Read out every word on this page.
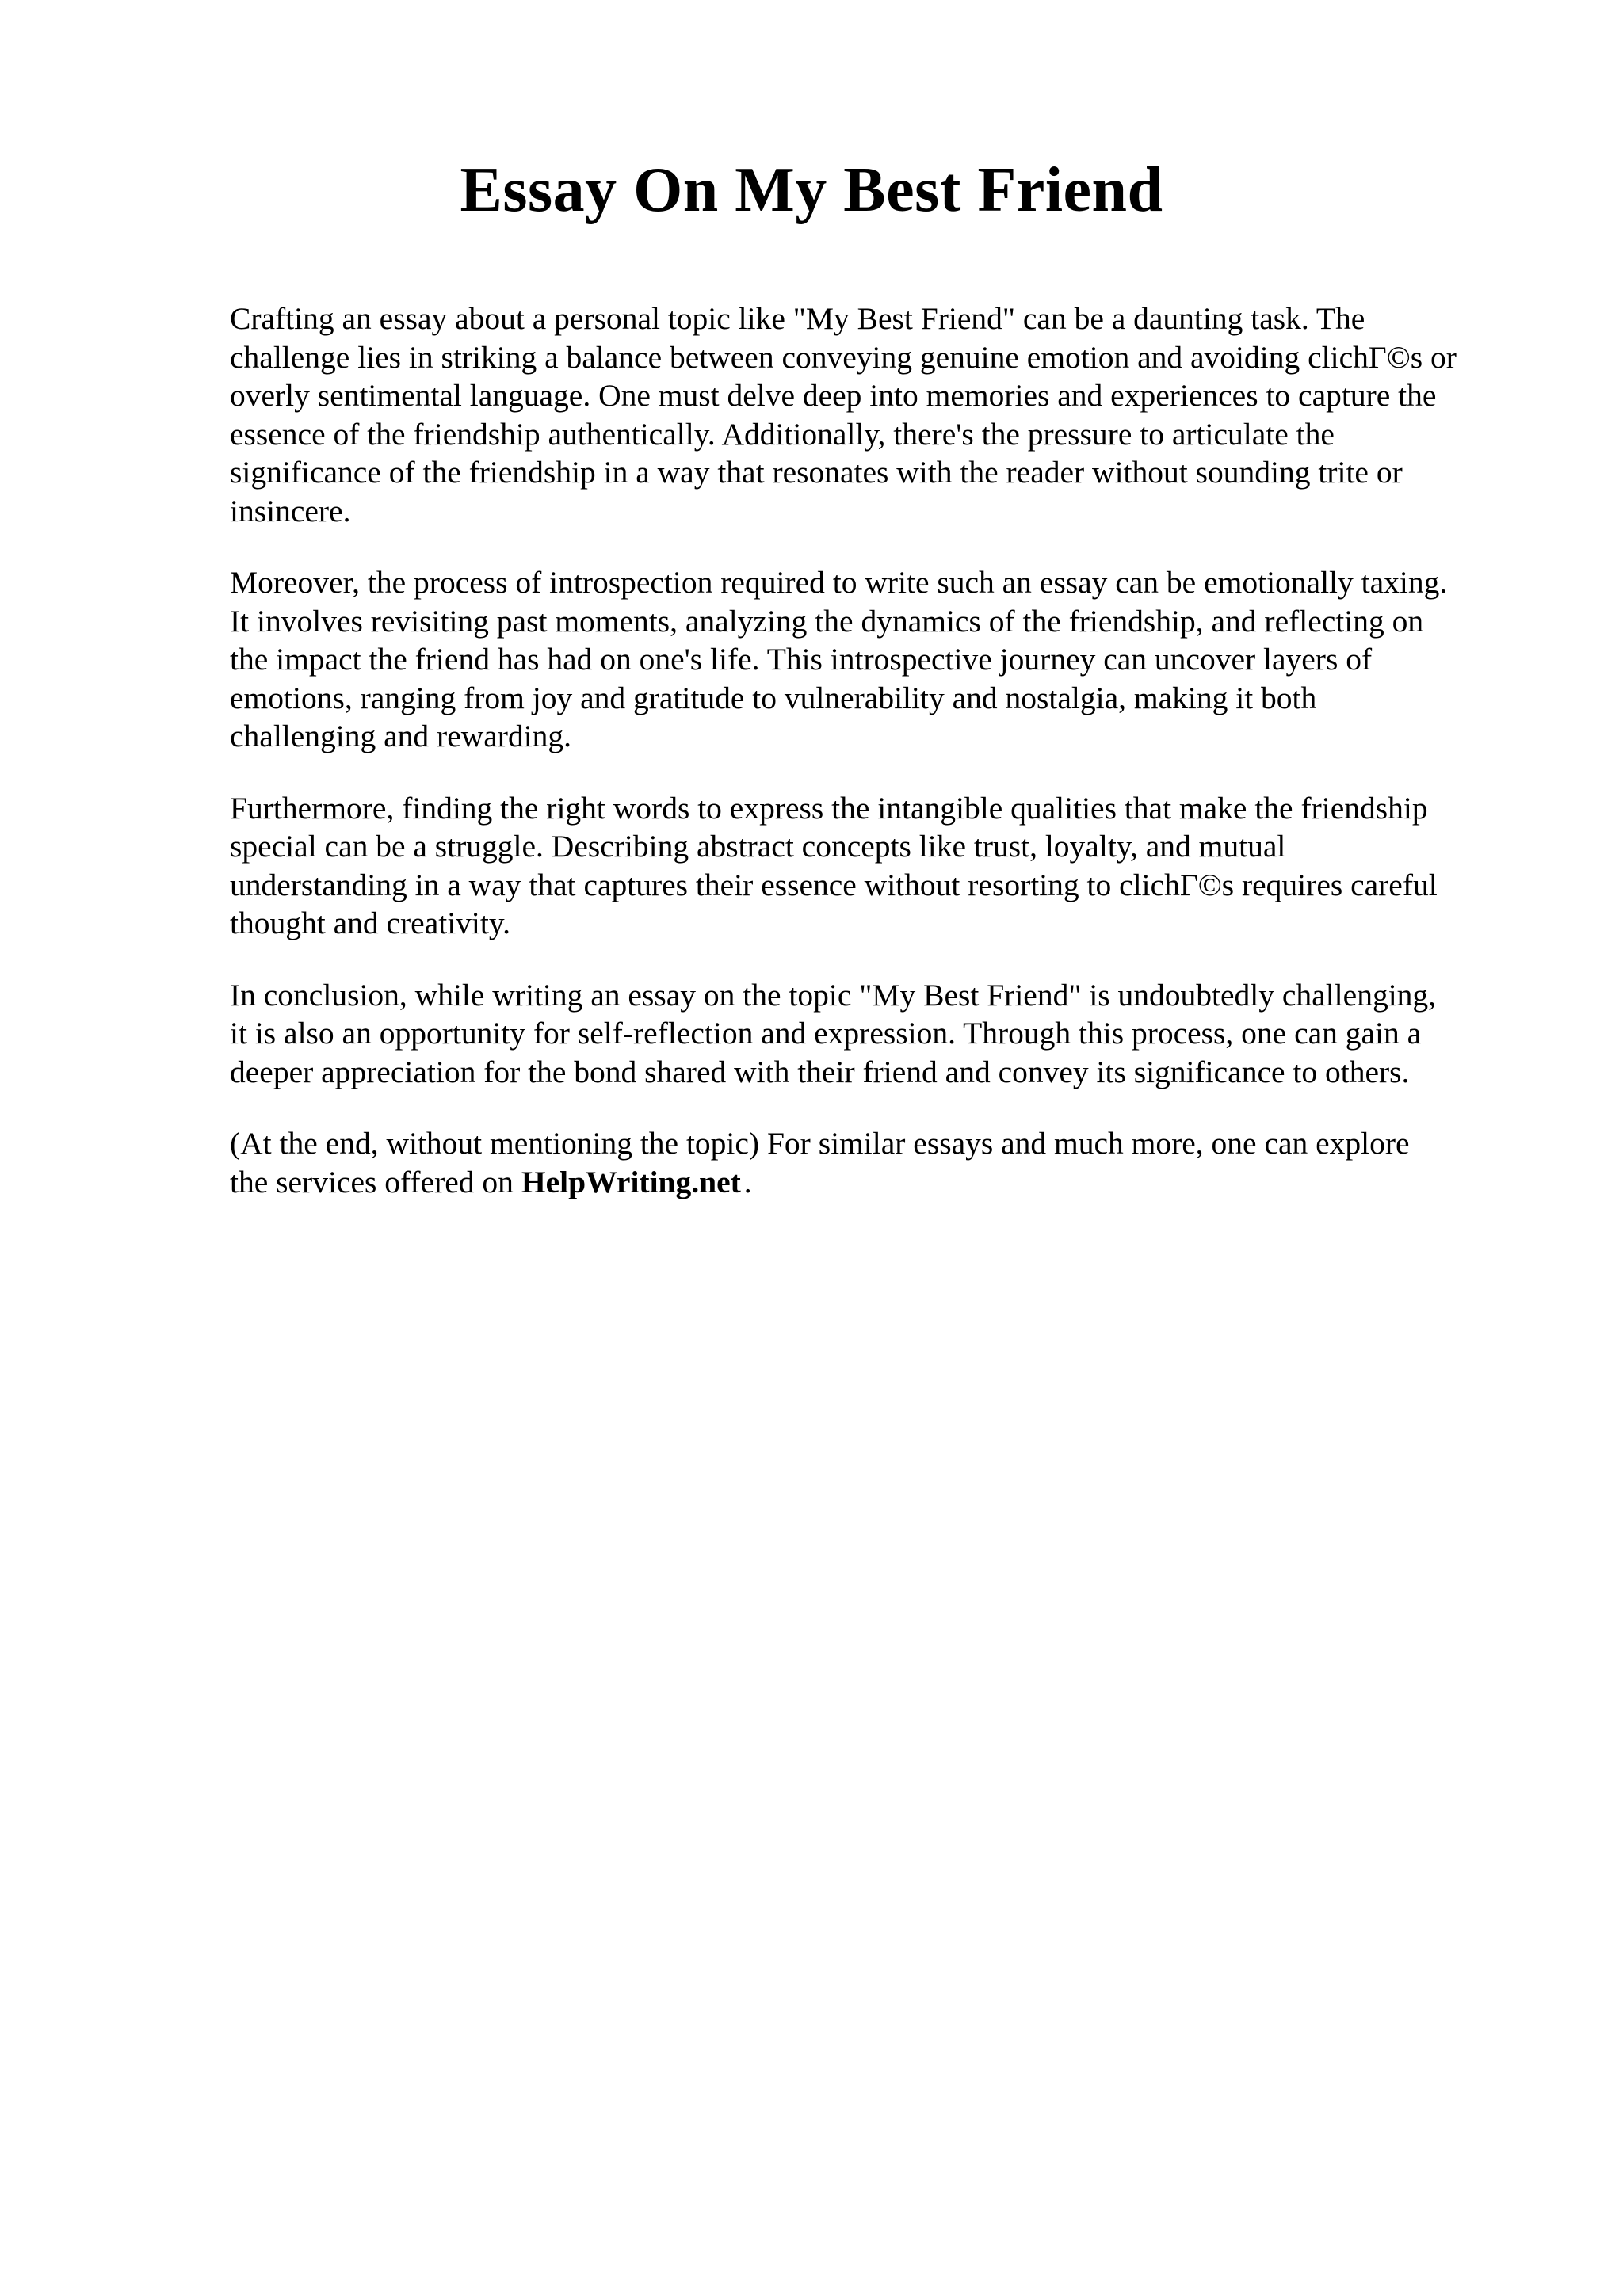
Essay On My Best Friend

Crafting an essay about a personal topic like "My Best Friend" can be a daunting task. The
challenge lies in striking a balance between conveying genuine emotion and avoiding clichΓ©s or
overly sentimental language. One must delve deep into memories and experiences to capture the
essence of the friendship authentically. Additionally, there's the pressure to articulate the
significance of the friendship in a way that resonates with the reader without sounding trite or
insincere.

Moreover, the process of introspection required to write such an essay can be emotionally taxing.
It involves revisiting past moments, analyzing the dynamics of the friendship, and reflecting on
the impact the friend has had on one's life. This introspective journey can uncover layers of
emotions, ranging from joy and gratitude to vulnerability and nostalgia, making it both
challenging and rewarding.

Furthermore, finding the right words to express the intangible qualities that make the friendship
special can be a struggle. Describing abstract concepts like trust, loyalty, and mutual
understanding in a way that captures their essence without resorting to clichΓ©s requires careful
thought and creativity.

In conclusion, while writing an essay on the topic "My Best Friend" is undoubtedly challenging,
it is also an opportunity for self-reflection and expression. Through this process, one can gain a
deeper appreciation for the bond shared with their friend and convey its significance to others.

(At the end, without mentioning the topic) For similar essays and much more, one can explore
the services offered on HelpWriting.net .
